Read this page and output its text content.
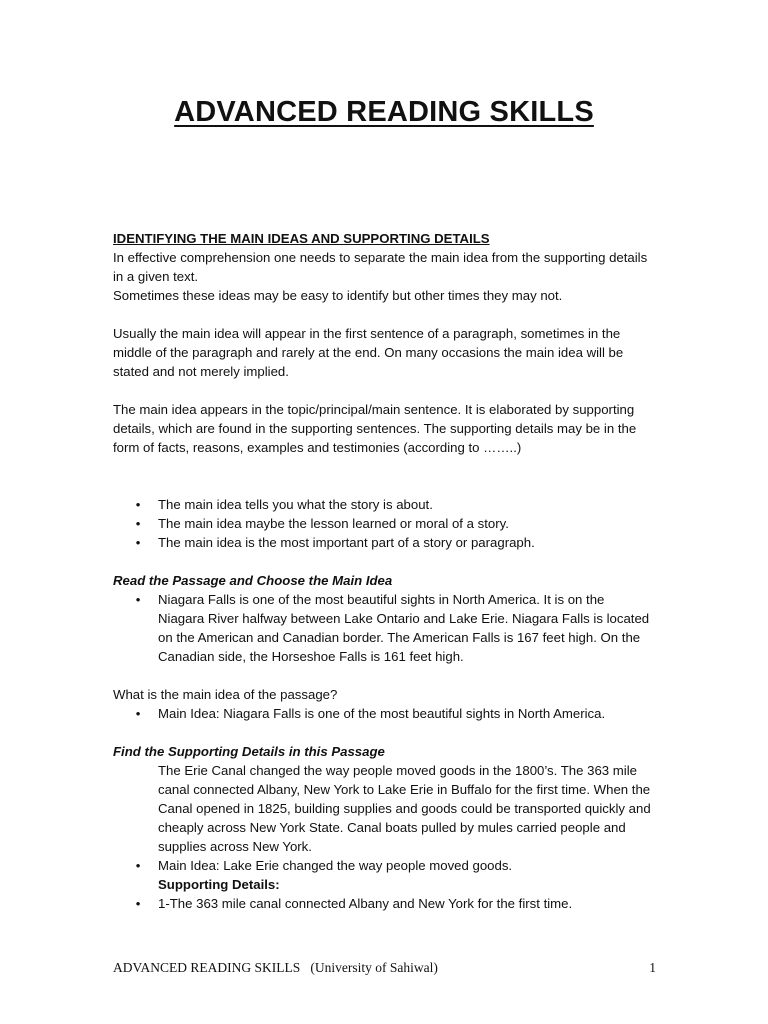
ADVANCED READING SKILLS

IDENTIFYING THE MAIN IDEAS AND SUPPORTING DETAILS

In effective comprehension one needs to separate the main idea from the supporting details in a given text.

Sometimes these ideas may be easy to identify but other times they may not.

Usually the main idea will appear in the first sentence of a paragraph, sometimes in the middle of the paragraph and rarely at the end. On many occasions the main idea will be stated and not merely implied.

The main idea appears in the topic/principal/main sentence. It is elaborated by supporting details, which are found in the supporting sentences. The supporting details may be in the form of facts, reasons, examples and testimonies (according to ……..)

• The main idea tells you what the story is about.
• The main idea maybe the lesson learned or moral of a story.
• The main idea is the most important part of a story or paragraph.

Read the Passage and Choose the Main Idea

• Niagara Falls is one of the most beautiful sights in North America. It is on the Niagara River halfway between Lake Ontario and Lake Erie. Niagara Falls is located on the American and Canadian border. The American Falls is 167 feet high. On the Canadian side, the Horseshoe Falls is 161 feet high.

What is the main idea of the passage?

• Main Idea: Niagara Falls is one of the most beautiful sights in North America.

Find the Supporting Details in this Passage

The Erie Canal changed the way people moved goods in the 1800’s. The 363 mile canal connected Albany, New York to Lake Erie in Buffalo for the first time. When the Canal opened in 1825, building supplies and goods could be transported quickly and cheaply across New York State. Canal boats pulled by mules carried people and supplies across New York.

• Main Idea: Lake Erie changed the way people moved goods.
Supporting Details:
• 1-The 363 mile canal connected Albany and New York for the first time.
ADVANCED READING SKILLS   (University of Sahiwal)	1
